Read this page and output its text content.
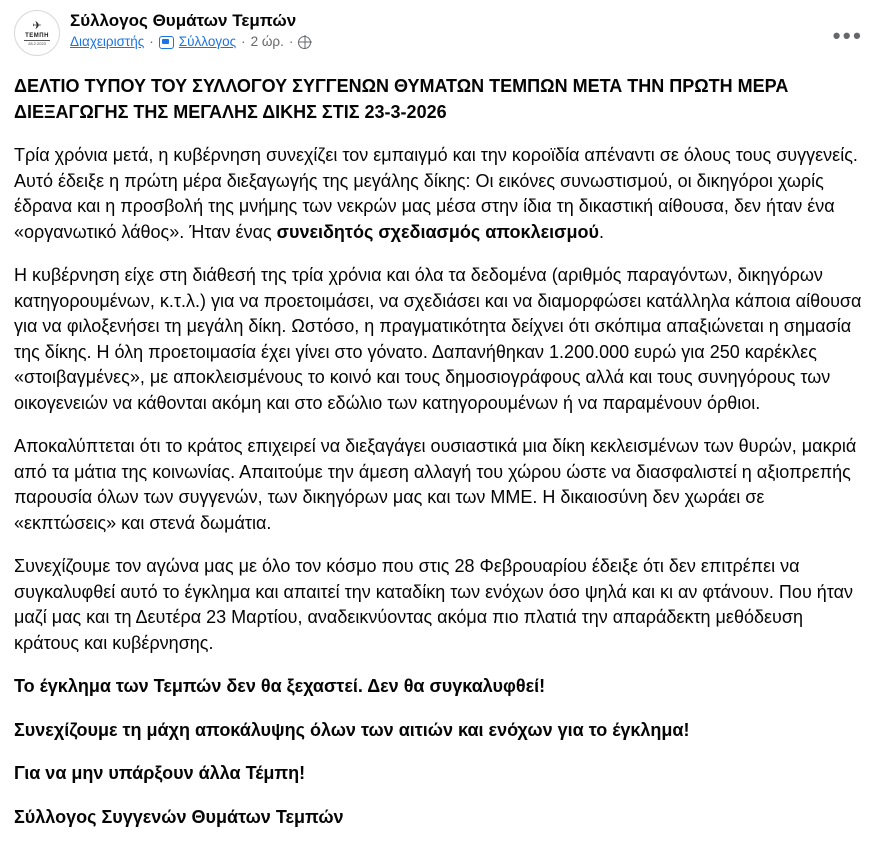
✈
ΤΕΜΠΗ
28.2.2023
Σύλλογος Θυμάτων Τεμπών
Διαχειριστής · Σύλλογος · 2 ώρ. ·	•••

ΔΕΛΤΙΟ ΤΥΠΟΥ ΤΟΥ ΣΥΛΛΟΓΟΥ ΣΥΓΓΕΝΩΝ ΘΥΜΑΤΩΝ ΤΕΜΠΩΝ ΜΕΤΑ ΤΗΝ ΠΡΩΤΗ ΜΕΡΑ ΔΙΕΞΑΓΩΓΗΣ ΤΗΣ ΜΕΓΑΛΗΣ ΔΙΚΗΣ ΣΤΙΣ 23-3-2026

Τρία χρόνια μετά, η κυβέρνηση συνεχίζει τον εμπαιγμό και την κοροϊδία απέναντι σε όλους τους συγγενείς. Αυτό έδειξε η πρώτη μέρα διεξαγωγής της μεγάλης δίκης: Οι εικόνες συνωστισμού, οι δικηγόροι χωρίς έδρανα και η προσβολή της μνήμης των νεκρών μας μέσα στην ίδια τη δικαστική αίθουσα, δεν ήταν ένα «οργανωτικό λάθος». Ήταν ένας συνειδητός σχεδιασμός αποκλεισμού.

Η κυβέρνηση είχε στη διάθεσή της τρία χρόνια και όλα τα δεδομένα (αριθμός παραγόντων, δικηγόρων κατηγορουμένων, κ.τ.λ.) για να προετοιμάσει, να σχεδιάσει και να διαμορφώσει κατάλληλα κάποια αίθουσα για να φιλοξενήσει τη μεγάλη δίκη. Ωστόσο, η πραγματικότητα δείχνει ότι σκόπιμα απαξιώνεται η σημασία της δίκης. Η όλη προετοιμασία έχει γίνει στο γόνατο. Δαπανήθηκαν 1.200.000 ευρώ για 250 καρέκλες «στοιβαγμένες», με αποκλεισμένους το κοινό και τους δημοσιογράφους αλλά και τους συνηγόρους των οικογενειών να κάθονται ακόμη και στο εδώλιο των κατηγορουμένων ή να παραμένουν όρθιοι.

Αποκαλύπτεται ότι το κράτος επιχειρεί να διεξαγάγει ουσιαστικά μια δίκη κεκλεισμένων των θυρών, μακριά από τα μάτια της κοινωνίας. Απαιτούμε την άμεση αλλαγή του χώρου ώστε να διασφαλιστεί η αξιοπρεπής παρουσία όλων των συγγενών, των δικηγόρων μας και των ΜΜΕ. Η δικαιοσύνη δεν χωράει σε «εκπτώσεις» και στενά δωμάτια.

Συνεχίζουμε τον αγώνα μας με όλο τον κόσμο που στις 28 Φεβρουαρίου έδειξε ότι δεν επιτρέπει να συγκαλυφθεί αυτό το έγκλημα και απαιτεί την καταδίκη των ενόχων όσο ψηλά και κι αν φτάνουν. Που ήταν μαζί μας και τη Δευτέρα 23 Μαρτίου, αναδεικνύοντας ακόμα πιο πλατιά την απαράδεκτη μεθόδευση κράτους και κυβέρνησης.

Το έγκλημα των Τεμπών δεν θα ξεχαστεί. Δεν θα συγκαλυφθεί!

Συνεχίζουμε τη μάχη αποκάλυψης όλων των αιτιών και ενόχων για το έγκλημα!

Για να μην υπάρξουν άλλα Τέμπη!

Σύλλογος Συγγενών Θυμάτων Τεμπών
